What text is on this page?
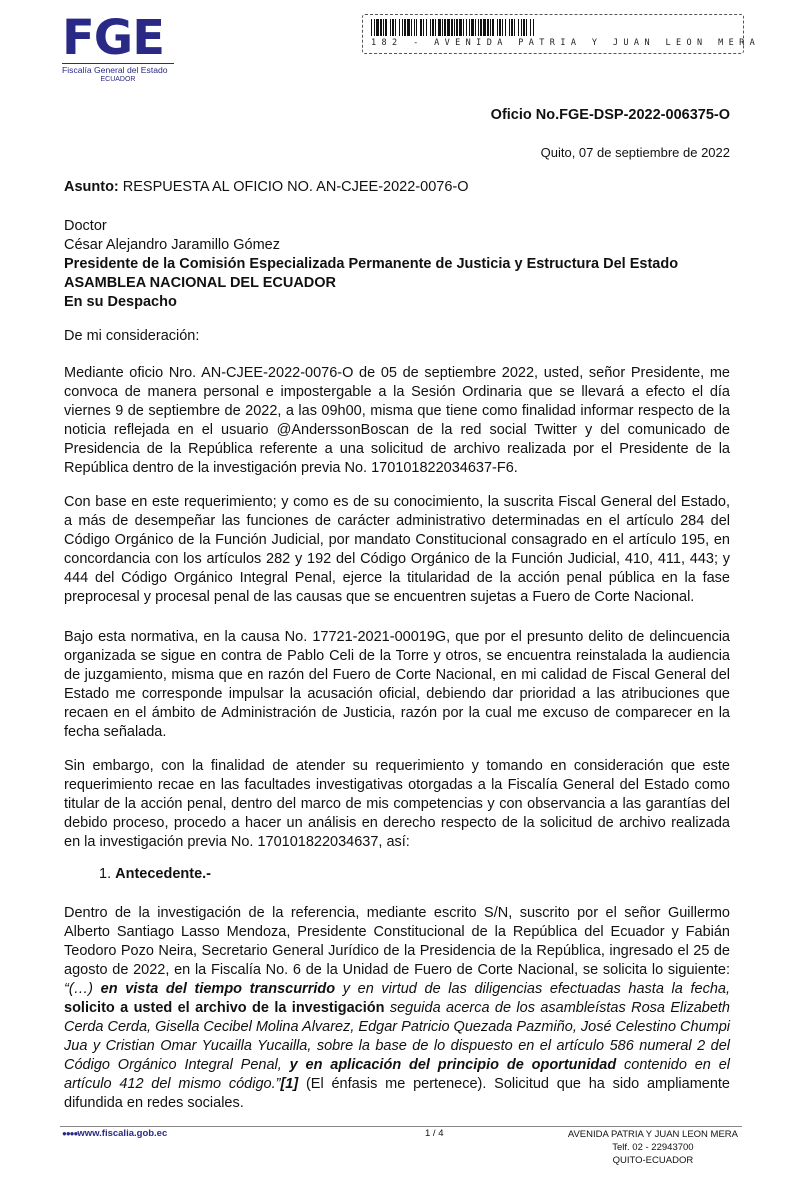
FGE
Fiscalía General del Estado
ECUADOR
182 - AVENIDA PATRIA Y JUAN LEON MERA
Oficio No.FGE-DSP-2022-006375-O
Quito, 07 de septiembre de 2022
Asunto: RESPUESTA AL OFICIO NO. AN-CJEE-2022-0076-O
Doctor
César Alejandro Jaramillo Gómez
Presidente de la Comisión Especializada Permanente de Justicia y Estructura Del Estado
ASAMBLEA NACIONAL DEL ECUADOR
En su Despacho
De mi consideración:
Mediante oficio Nro. AN-CJEE-2022-0076-O de 05 de septiembre 2022, usted, señor Presidente, me convoca de manera personal e impostergable a la Sesión Ordinaria que se llevará a efecto el día viernes 9 de septiembre de 2022, a las 09h00, misma que tiene como finalidad informar respecto de la noticia reflejada en el usuario @AnderssonBoscan de la red social Twitter y del comunicado de Presidencia de la República referente a una solicitud de archivo realizada por el Presidente de la República dentro de la investigación previa No. 170101822034637-F6.
Con base en este requerimiento; y como es de su conocimiento, la suscrita Fiscal General del Estado, a más de desempeñar las funciones de carácter administrativo determinadas en el artículo 284 del Código Orgánico de la Función Judicial, por mandato Constitucional consagrado en el artículo 195, en concordancia con los artículos 282 y 192 del Código Orgánico de la Función Judicial, 410, 411, 443; y 444 del Código Orgánico Integral Penal, ejerce la titularidad de la acción penal pública en la fase preprocesal y procesal penal de las causas que se encuentren sujetas a Fuero de Corte Nacional.
Bajo esta normativa, en la causa No. 17721-2021-00019G, que por el presunto delito de delincuencia organizada se sigue en contra de Pablo Celi de la Torre y otros, se encuentra reinstalada la audiencia de juzgamiento, misma que en razón del Fuero de Corte Nacional, en mi calidad de Fiscal General del Estado me corresponde impulsar la acusación oficial, debiendo dar prioridad a las atribuciones que recaen en el ámbito de Administración de Justicia, razón por la cual me excuso de comparecer en la fecha señalada.
Sin embargo, con la finalidad de atender su requerimiento y tomando en consideración que este requerimiento recae en las facultades investigativas otorgadas a la Fiscalía General del Estado como titular de la acción penal, dentro del marco de mis competencias y con observancia a las garantías del debido proceso, procedo a hacer un análisis en derecho respecto de la solicitud de archivo realizada en la investigación previa No. 170101822034637, así:
1. Antecedente.-
Dentro de la investigación de la referencia, mediante escrito S/N, suscrito por el señor Guillermo Alberto Santiago Lasso Mendoza, Presidente Constitucional de la República del Ecuador y Fabián Teodoro Pozo Neira, Secretario General Jurídico de la Presidencia de la República, ingresado el 25 de agosto de 2022, en la Fiscalía No. 6 de la Unidad de Fuero de Corte Nacional, se solicita lo siguiente: “(…) en vista del tiempo transcurrido y en virtud de las diligencias efectuadas hasta la fecha, solicito a usted el archivo de la investigación seguida acerca de los asambleístas Rosa Elizabeth Cerda Cerda, Gisella Cecibel Molina Alvarez, Edgar Patricio Quezada Pazmiño, José Celestino Chumpi Jua y Cristian Omar Yucailla Yucailla, sobre la base de lo dispuesto en el artículo 586 numeral 2 del Código Orgánico Integral Penal, y en aplicación del principio de oportunidad contenido en el artículo 412 del mismo código.”[1] (El énfasis me pertenece). Solicitud que ha sido ampliamente difundida en redes sociales.
●●●●www.fiscalia.gob.ec	1 / 4	AVENIDA PATRIA Y JUAN LEON MERA
Telf. 02 - 22943700
QUITO-ECUADOR
